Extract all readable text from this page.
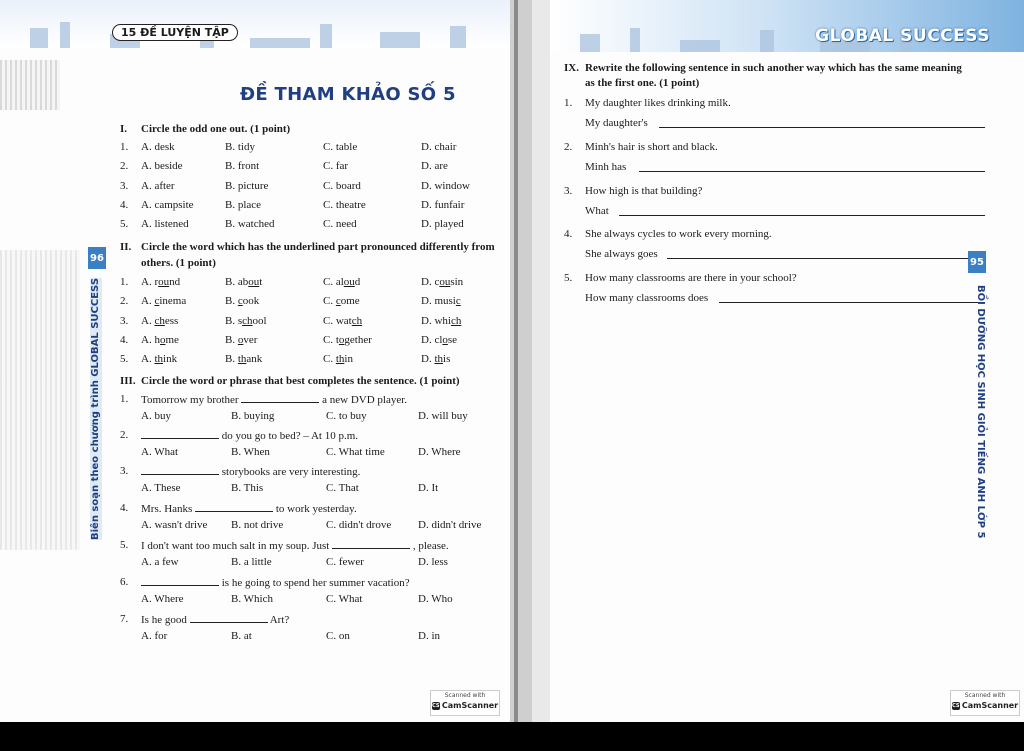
15 ĐỀ LUYỆN TẬP
ĐỀ THAM KHẢO SỐ 5
I. Circle the odd one out. (1 point)
1. A. desk	B. tidy	C. table	D. chair
2. A. beside	B. front	C. far	D. are
3. A. after	B. picture	C. board	D. window
4. A. campsite	B. place	C. theatre	D. funfair
5. A. listened	B. watched	C. need	D. played
II. Circle the word which has the underlined part pronounced differently from
others. (1 point)
1. A. round	B. about	C. aloud	D. cousin
2. A. cinema	B. cook	C. come	D. music
3. A. chess	B. school	C. watch	D. which
4. A. home	B. over	C. together	D. close
5. A. think	B. thank	C. thin	D. this
III. Circle the word or phrase that best completes the sentence. (1 point)
1. Tomorrow my brother	a new DVD player.
A. buy	B. buying	C. to buy	D. will buy
2.	do you go to bed? – At 10 p.m.
A. What	B. When	C. What time	D. Where
3.	storybooks are very interesting.
A. These	B. This	C. That	D. It
4. Mrs. Hanks	to work yesterday.
A. wasn't drive B. not drive	C. didn't drove D. didn't drive
5. I don't want too much salt in my soup. Just	, please.
A. a few	B. a little	C. fewer	D. less
6.	is he going to spend her summer vacation?
A. Where	B. Which	C. What	D. Who
7. Is he good	Art?
A. for	B. at	C. on	D. in
96
Biên soạn theo chương trình GLOBAL SUCCESS
Scanned with
CS CamScanner
GLOBAL SUCCESS
IX. Rewrite the following sentence in such another way which has the same meaning
as the first one. (1 point)
1. My daughter likes drinking milk.
My daughter's
2. Minh's hair is short and black.
Minh has
3. How high is that building?
What
4. She always cycles to work every morning.
She always goes
5. How many classrooms are there in your school?
How many classrooms does
95
BỒI DƯỠNG HỌC SINH GIỎI TIẾNG ANH LỚP 5
Scanned with
CS CamScanner
